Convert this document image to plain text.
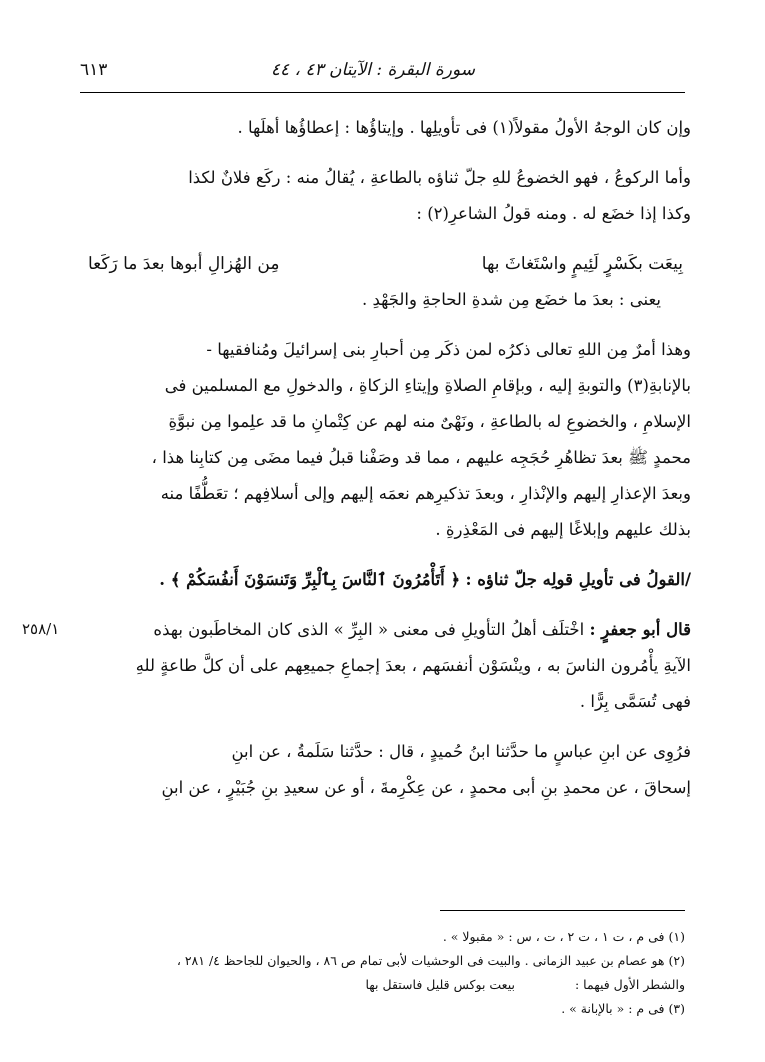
سورة البقرة : الآيتان ٤٣ ، ٤٤
٦١٣

وإن كان الوجهُ الأولُ مقولاً(١) فى تأويلِها . وإيتاؤُها : إعطاؤُها أهلَها .

وأما الركوعُ ، فهو الخضوعُ للهِ جلّ ثناؤه بالطاعةِ ، يُقالُ منه : ركَع فلانٌ لكذا
وكذا إذا خضَع له . ومنه قولُ الشاعرِ(٢) :

بِيعَت بكَسْرٍ لَئِيمٍ واسْتَغاثَ بها
مِن الهُزالِ أبوها بعدَ ما رَكَعا

يعنى : بعدَ ما خضَع مِن شدةِ الحاجةِ والجَهْدِ .

وهذا أمرٌ مِن اللهِ تعالى ذكرُه لمن ذكَر مِن أحبارِ بنى إسرائيلَ ومُنافقيها -
بالإنابةِ(٣) والتوبةِ إليه ، وبإقامِ الصلاةِ وإيتاءِ الزكاةِ ، والدخولِ مع المسلمين فى
الإسلامِ ، والخضوعِ له بالطاعةِ ، ونَهْىٌ منه لهم عن كِتْمانِ ما قد علِموا مِن نبوَّةِ
محمدٍ ﷺ بعدَ تظاهُرِ حُجَجِه عليهم ، مما قد وصَفْنا قبلُ فيما مضَى مِن كتابِنا هذا ،
وبعدَ الإعذارِ إليهم والإنْذارِ ، وبعدَ تذكيرِهم نعمَه إليهم وإلى أسلافِهم ؛ تعَطُّفًا منه
بذلك عليهم وإبلاغًا إليهم فى المَعْذِرةِ .

/القولُ فى تأويلِ قولِه جلّ ثناؤه : ﴿ أَتَأْمُرُونَ ٱلنَّاسَ بِٱلْبِرِّ وَتَنسَوْنَ أَنفُسَكُمْ ﴾ .

قال أبو جعفرٍ : اخْتلَف أهلُ التأويلِ فى معنى « البِرِّ » الذى كان المخاطَبون بهذه
الآيةِ يأْمُرون الناسَ به ، وينْسَوْن أنفسَهم ، بعدَ إجماعِ جميعِهم على أن كلَّ طاعةٍ للهِ
فهى تُسَمَّى بِرًّا .

فرُوِى عن ابنِ عباسٍ ما حدَّثنا ابنُ حُميدٍ ، قال : حدَّثنا سَلَمةُ ، عن ابنِ
إسحاقَ ، عن محمدِ بنِ أبى محمدٍ ، عن عِكْرِمةَ ، أو عن سعيدِ بنِ جُبَيْرٍ ، عن ابنِ

٢٥٨/١
(١) فى م ، ت ١ ، ت ٢ ، ت ، س : « مقبولا » .
(٢) هو عصام بن عبيد الزمانى . والبيت فى الوحشيات لأبى تمام ص ٨٦ ، والحيوان للجاحظ ٤/ ٢٨١ ،
والشطر الأول فيهما :
بيعت بوكس قليل فاستقل بها
(٣) فى م : « بالإبانة » .
